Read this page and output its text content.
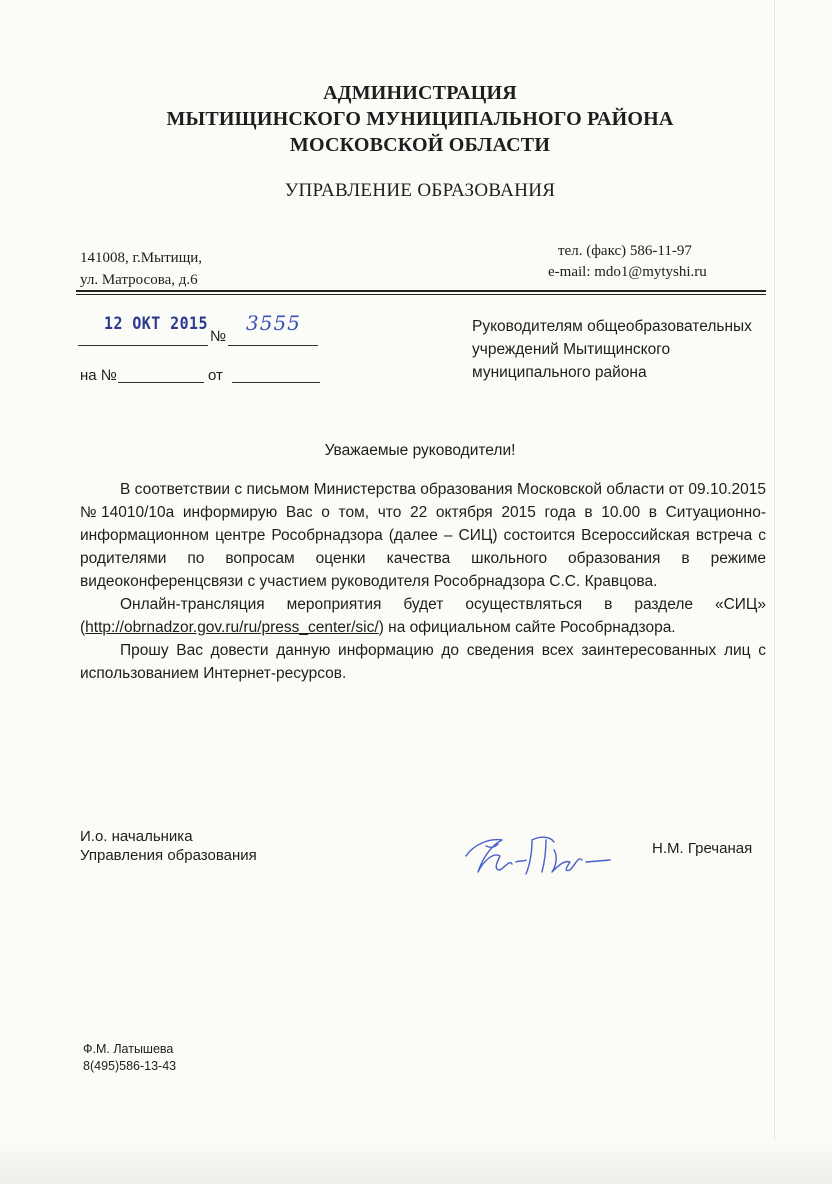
АДМИНИСТРАЦИЯ
МЫТИЩИНСКОГО МУНИЦИПАЛЬНОГО РАЙОНА
МОСКОВСКОЙ ОБЛАСТИ
УПРАВЛЕНИЕ ОБРАЗОВАНИЯ
141008, г.Мытищи,
ул. Матросова, д.6
тел. (факс) 586-11-97
e-mail: mdo1@mytyshi.ru
12 ОКТ 2015
№
3555
на №	от
Руководителям общеобразовательных
учреждений Мытищинского
муниципального района
Уважаемые руководители!

В соответствии с письмом Министерства образования Московской области от 09.10.2015 №14010/10а информирую Вас о том, что 22 октября 2015 года в 10.00 в Ситуационно-информационном центре Рособрнадзора (далее – СИЦ) состоится Всероссийская встреча с родителями по вопросам оценки качества школьного образования в режиме видеоконференцсвязи с участием руководителя Рособрнадзора С.С. Кравцова.

Онлайн-трансляция мероприятия будет осуществляться в разделе «СИЦ» (http://obrnadzor.gov.ru/ru/press_center/sic/) на официальном сайте Рособрнадзора.

Прошу Вас довести данную информацию до сведения всех заинтересованных лиц с использованием Интернет-ресурсов.

И.о. начальника
Управления образования	Н.М. Гречаная
Ф.М. Латышева
8(495)586-13-43
